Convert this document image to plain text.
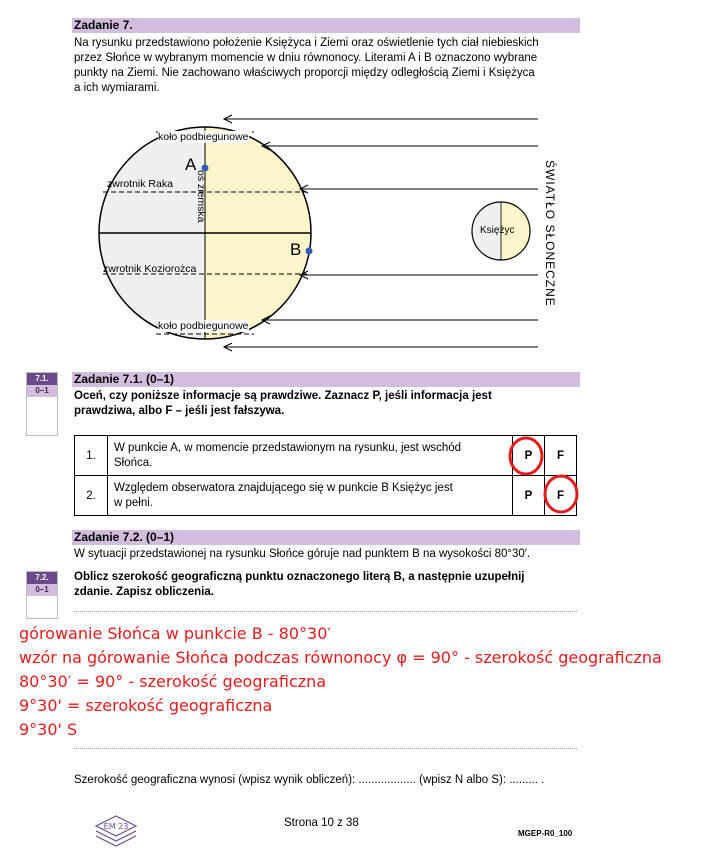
Zadanie 7.
Na rysunku przedstawiono położenie Księżyca i Ziemi oraz oświetlenie tych ciał niebieskich
przez Słońce w wybranym momencie w dniu równonocy. Literami A i B oznaczono wybrane
punkty na Ziemi. Nie zachowano właściwych proporcji między odległością Ziemi i Księżyca
a ich wymiarami.
koło podbiegunowe
zwrotnik Raka
zwrotnik Koziorożca
koło podbiegunowe
A
B
oś ziemska
Księżyc ŚWIATŁO SŁONECZNE
7.1.
0–1
Zadanie 7.1. (0–1)
Oceń, czy poniższe informacje są prawdziwe. Zaznacz P, jeśli informacja jest
prawdziwa, albo F – jeśli jest fałszywa.
1.	W punkcie A, w momencie przedstawionym na rysunku, jest wschód
Słońca.	P	F
2.	Względem obserwatora znajdującego się w punkcie B Księżyc jest
w pełni.	P	F
Zadanie 7.2. (0–1)
W sytuacji przedstawionej na rysunku Słońce góruje nad punktem B na wysokości 80°30′.
7.2.
0–1
Oblicz szerokość geograficzną punktu oznaczonego literą B, a następnie uzupełnij
zdanie. Zapisz obliczenia.
górowanie Słońca w punkcie B - 80°30′
wzór na górowanie Słońca podczas równonocy φ = 90° - szerokość geograficzna
80°30′ = 90° - szerokość geograficzna
9°30' = szerokość geograficzna
9°30' S
Szerokość geograficzna wynosi (wpisz wynik obliczeń): .................. (wpisz N albo S): ......... .
EM 23	Strona 10 z 38
MGEP-R0_100
